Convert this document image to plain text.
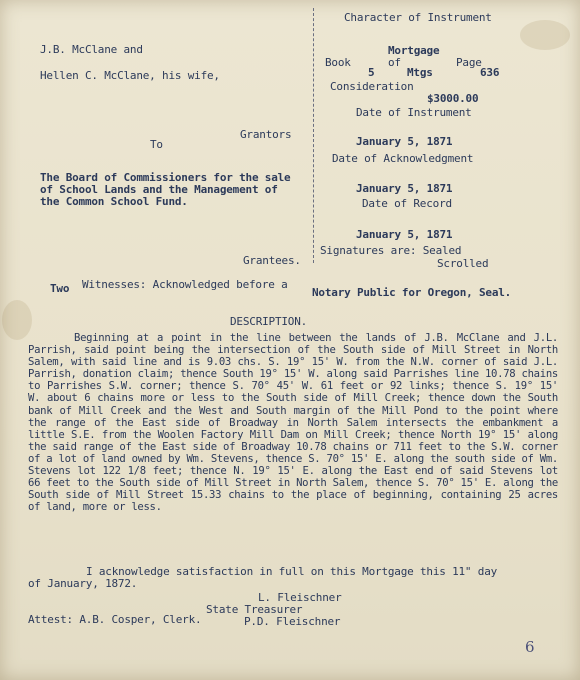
Character of Instrument
Mortgage
Book	of	Page
5	Mtgs	636
Consideration
$3000.00
Date of Instrument
January 5, 1871
Date of Acknowledgment
January 5, 1871
Date of Record
January 5, 1871
Signatures are: Sealed
Scrolled
J.B. McClane and
Hellen C. McClane, his wife,
Grantors
To
The Board of Commissioners for the sale
of School Lands and the Management of
the Common School Fund.
Grantees.
Two Witnesses: Acknowledged before a
Notary Public for Oregon, Seal.
DESCRIPTION.
Beginning at a point in the line between the lands of J.B. McClane and J.L. Parrish, said point being the intersection of the South side of Mill Street in North Salem, with said line and is 9.03 chs. S. 19° 15' W. from the N.W. corner of said J.L. Parrish, donation claim; thence South 19° 15' W. along said Parrishes line 10.78 chains to Parrishes S.W. corner; thence S. 70° 45' W. 61 feet or 92 links; thence S. 19° 15' W. about 6 chains more or less to the South side of Mill Creek; thence down the South bank of Mill Creek and the West and South margin of the Mill Pond to the point where the range of the East side of Broadway in North Salem intersects the embankment a little S.E. from the Woolen Factory Mill Dam on Mill Creek; thence North 19° 15' along the said range of the East side of Broadway 10.78 chains or 711 feet to the S.W. corner of a lot of land owned by Wm. Stevens, thence S. 70° 15' E. along the south side of Wm. Stevens lot 122 1/8 feet; thence N. 19° 15' E. along the East end of said Stevens lot 66 feet to the South side of Mill Street in North Salem, thence S. 70° 15' E. along the South side of Mill Street 15.33 chains to the place of beginning, containing 25 acres of land, more or less.
I acknowledge satisfaction in full on this Mortgage this 11" day
of January, 1872.
L. Fleischner
State Treasurer
Attest: A.B. Cosper, Clerk.	P.D. Fleischner
6
